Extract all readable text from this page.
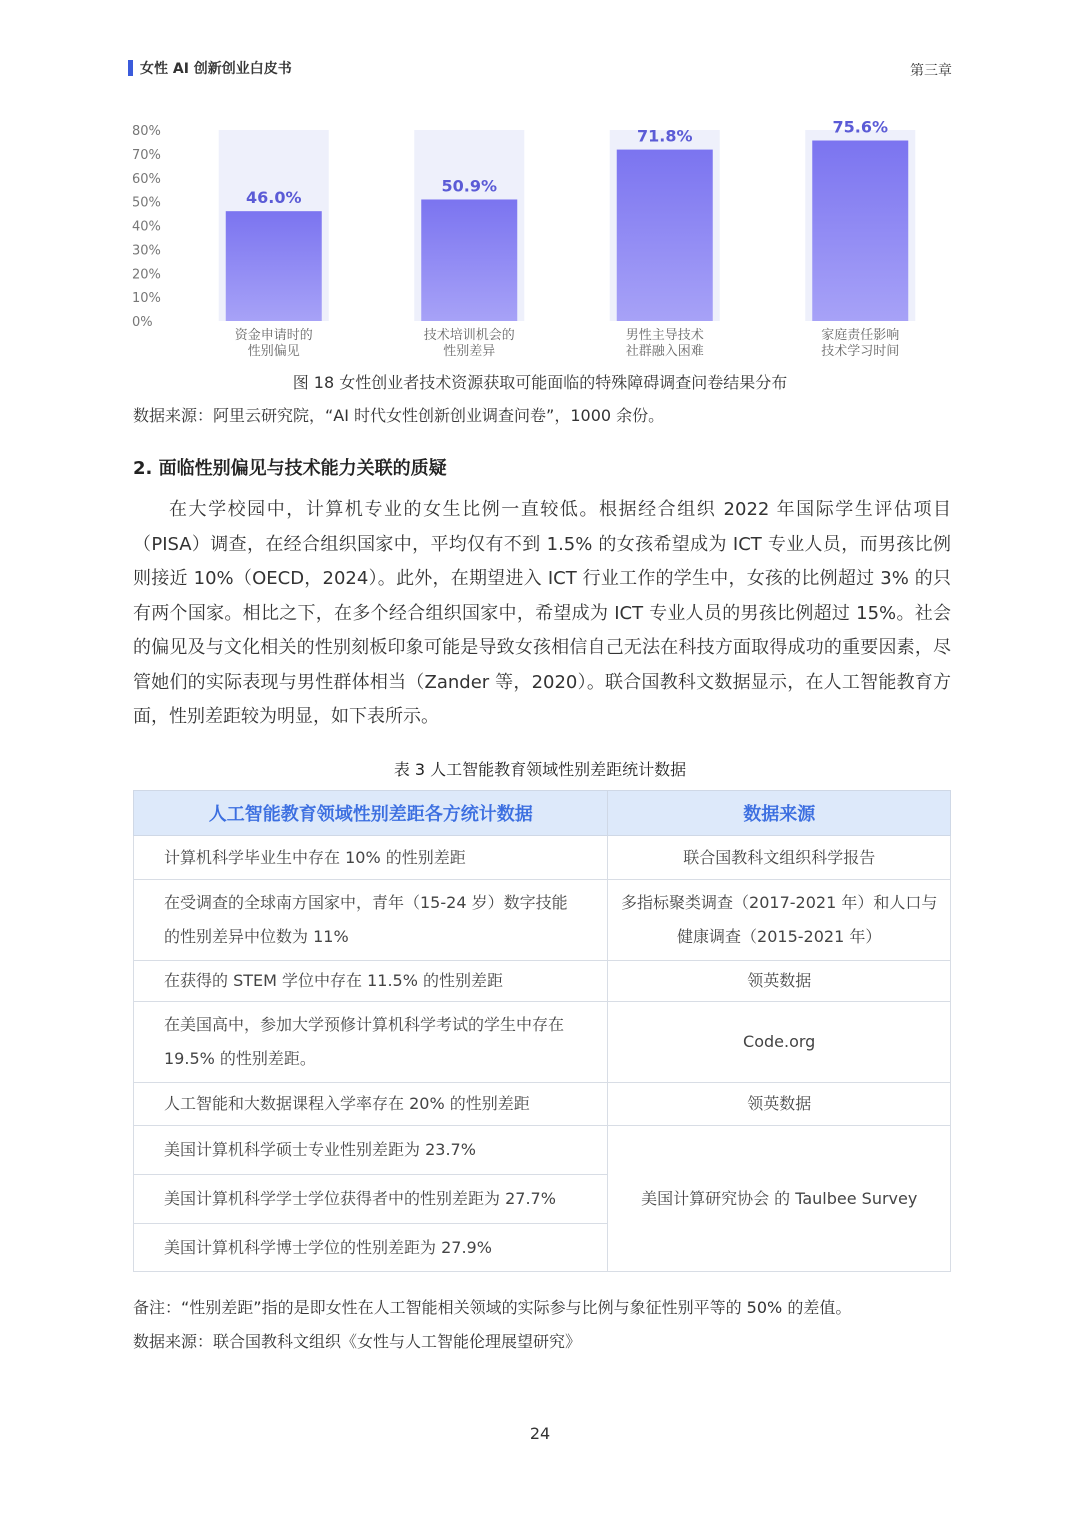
女性 AI 创新创业白皮书	第三章
0%
10%
20%
30%
40%
50%
60%
70%
80%
46.0%
资金申请时的
性别偏见
50.9%
技术培训机会的
性别差异
71.8%
男性主导技术
社群融入困难
75.6%
家庭责任影响
技术学习时间
图 18 女性创业者技术资源获取可能面临的特殊障碍调查问卷结果分布
数据来源：阿里云研究院，“AI 时代女性创新创业调查问卷”，1000 余份。
2. 面临性别偏见与技术能力关联的质疑
在大学校园中，计算机专业的女生比例一直较低。根据经合组织 2022 年国际学生评估项目（PISA）调查，在经合组织国家中，平均仅有不到 1.5% 的女孩希望成为 ICT 专业人员，而男孩比例则接近 10%（OECD，2024）。此外，在期望进入 ICT 行业工作的学生中，女孩的比例超过 3% 的只有两个国家。相比之下，在多个经合组织国家中，希望成为 ICT 专业人员的男孩比例超过 15%。社会的偏见及与文化相关的性别刻板印象可能是导致女孩相信自己无法在科技方面取得成功的重要因素，尽管她们的实际表现与男性群体相当（Zander 等，2020）。联合国教科文数据显示，在人工智能教育方面，性别差距较为明显，如下表所示。
表 3 人工智能教育领域性别差距统计数据
人工智能教育领域性别差距各方统计数据	数据来源
计算机科学毕业生中存在 10% 的性别差距	联合国教科文组织科学报告
在受调查的全球南方国家中，青年（15-24 岁）数字技能的性别差异中位数为 11%	多指标聚类调查（2017-2021 年）和人口与健康调查（2015-2021 年）
在获得的 STEM 学位中存在 11.5% 的性别差距	领英数据
在美国高中，参加大学预修计算机科学考试的学生中存在 19.5% 的性别差距。	Code.org
人工智能和大数据课程入学率存在 20% 的性别差距	领英数据
美国计算机科学硕士专业性别差距为 23.7%	美国计算研究协会 的 Taulbee Survey
美国计算机科学学士学位获得者中的性别差距为 27.7%	
美国计算机科学博士学位的性别差距为 27.9%	
备注：“性别差距”指的是即女性在人工智能相关领域的实际参与比例与象征性别平等的 50% 的差值。
数据来源：联合国教科文组织《女性与人工智能伦理展望研究》
24
